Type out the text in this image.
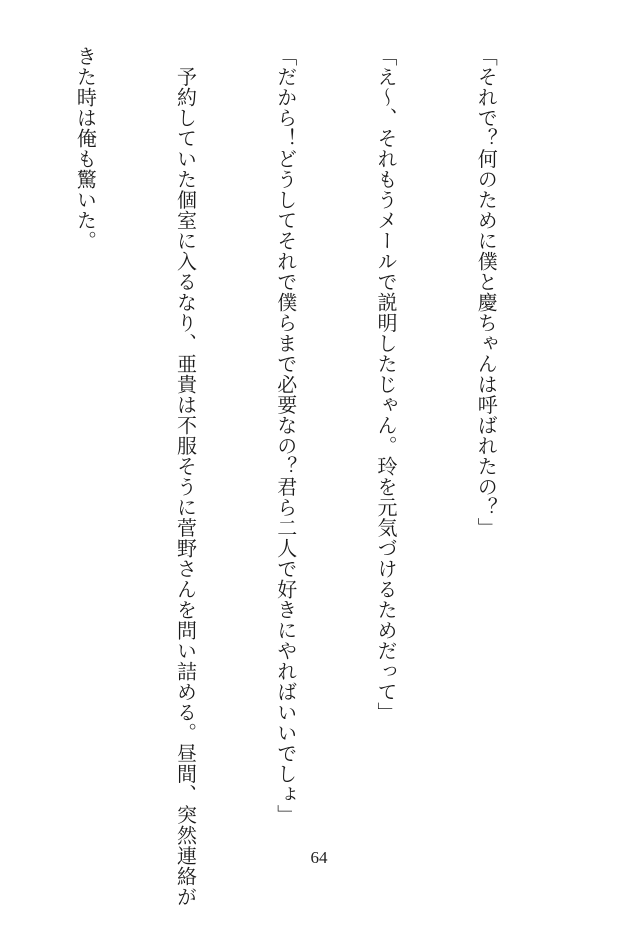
「それで？何のために僕と慶ちゃんは呼ばれたの？」

「え～、それもうメールで説明したじゃん。玲を元気づけるためだって」

「だから！どうしてそれで僕らまで必要なの？君ら二人で好きにやればいいでしょ」

　予約していた個室に入るなり、亜貴は不服そうに菅野さんを問い詰める。昼間、突然連絡が

きた時は俺も驚いた。

64
